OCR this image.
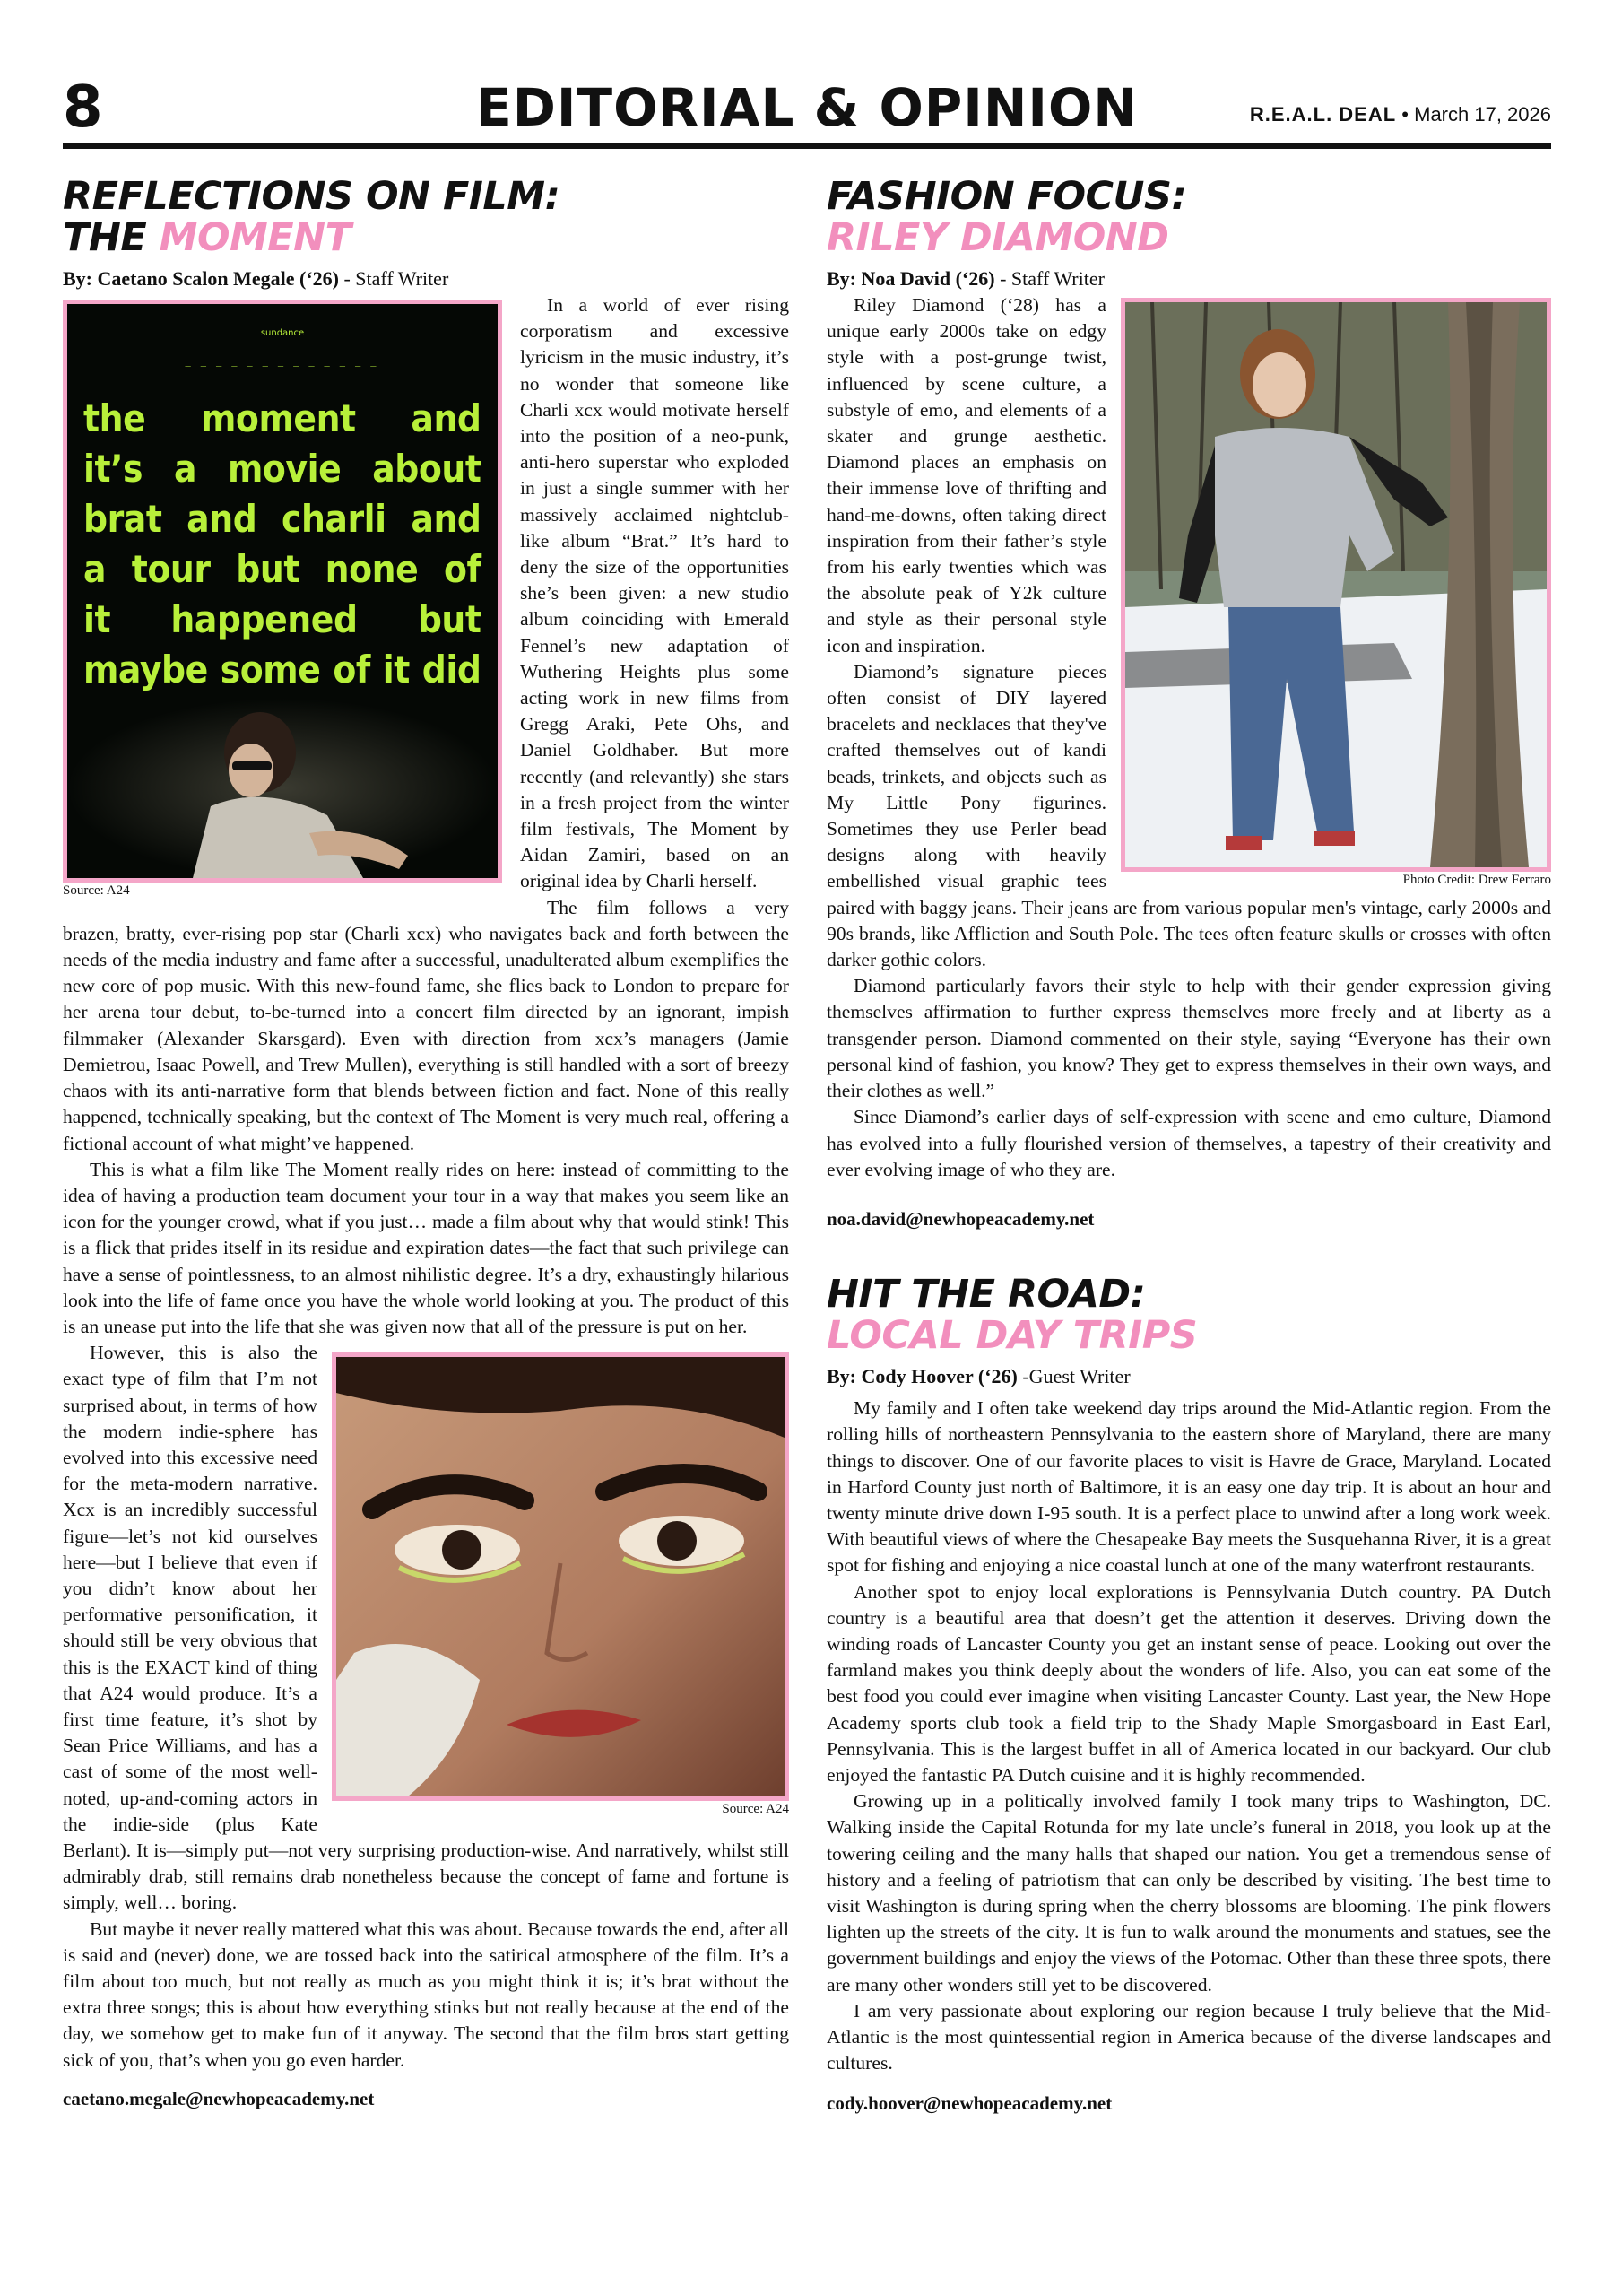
8	EDITORIAL & OPINION	R.E.A.L. DEAL • March 17, 2026
REFLECTIONS ON FILM:
THE MOMENT
By: Caetano Scalon Megale (‘26) - Staff Writer
sundance
— — — — — — — — — — — — —
the moment and
it’s a movie about
brat and charli and
a tour but none of
it happened but
maybe some of it did
Source: A24

In a world of ever rising corporatism and excessive lyricism in the music industry, it’s no wonder that someone like Charli xcx would motivate herself into the position of a neo-punk, anti-hero superstar who exploded in just a single summer with her massively acclaimed nightclub-like album “Brat.” It’s hard to deny the size of the opportunities she’s been given: a new studio album coinciding with Emerald Fennel’s new adaptation of Wuthering Heights plus some acting work in new films from Gregg Araki, Pete Ohs, and Daniel Goldhaber. But more recently (and relevantly) she stars in a fresh project from the winter film festivals, The Moment by Aidan Zamiri, based on an original idea by Charli herself.

The film follows a very brazen, bratty, ever-rising pop star (Charli xcx) who navigates back and forth between the needs of the media industry and fame after a successful, unadulterated album exemplifies the new core of pop music. With this new-found fame, she flies back to London to prepare for her arena tour debut, to-be-turned into a concert film directed by an ignorant, impish filmmaker (Alexander Skarsgard). Even with direction from xcx’s managers (Jamie Demietrou, Isaac Powell, and Trew Mullen), everything is still handled with a sort of breezy chaos with its anti-narrative form that blends between fiction and fact. None of this really happened, technically speaking, but the context of The Moment is very much real, offering a fictional account of what might’ve happened.

This is what a film like The Moment really rides on here: instead of committing to the idea of having a production team document your tour in a way that makes you seem like an icon for the younger crowd, what if you just… made a film about why that would stink! This is a flick that prides itself in its residue and expiration dates—the fact that such privilege can have a sense of pointlessness, to an almost nihilistic degree. It’s a dry, exhaustingly hilarious look into the life of fame once you have the whole world looking at you. The product of this is an unease put into the life that she was given now that all of the pressure is put on her.

Source: A24

However, this is also the exact type of film that I’m not surprised about, in terms of how the modern indie-sphere has evolved into this excessive need for the meta-modern narrative. Xcx is an incredibly successful figure—let’s not kid ourselves here—but I believe that even if you didn’t know about her performative personification, it should still be very obvious that this is the EXACT kind of thing that A24 would produce. It’s a first time feature, it’s shot by Sean Price Williams, and has a cast of some of the most well-noted, up-and-coming actors in the indie-side (plus Kate Berlant). It is—simply put—not very surprising production-wise. And narratively, whilst still admirably drab, still remains drab nonetheless because the concept of fame and fortune is simply, well… boring.

But maybe it never really mattered what this was about. Because towards the end, after all is said and (never) done, we are tossed back into the satirical atmosphere of the film. It’s a film about too much, but not really as much as you might think it is; it’s brat without the extra three songs; this is about how everything stinks but not really because at the end of the day, we somehow get to make fun of it anyway. The second that the film bros start getting sick of you, that’s when you go even harder.

caetano.megale@newhopeacademy.net
FASHION FOCUS:
RILEY DIAMOND
By: Noa David (‘26) - Staff Writer
Photo Credit: Drew Ferraro

Riley Diamond (‘28) has a unique early 2000s take on edgy style with a post-grunge twist, influenced by scene culture, a substyle of emo, and elements of a skater and grunge aesthetic. Diamond places an emphasis on their immense love of thrifting and hand-me-downs, often taking direct inspiration from their father’s style from his early twenties which was the absolute peak of Y2k culture and style as their personal style icon and inspiration.

Diamond’s signature pieces often consist of DIY layered bracelets and necklaces that they've crafted themselves out of kandi beads, trinkets, and objects such as My Little Pony figurines. Sometimes they use Perler bead designs along with heavily embellished visual graphic tees paired with baggy jeans. Their jeans are from various popular men's vintage, early 2000s and 90s brands, like Affliction and South Pole. The tees often feature skulls or crosses with often darker gothic colors.

Diamond particularly favors their style to help with their gender expression giving themselves affirmation to further express themselves more freely and at liberty as a transgender person. Diamond commented on their style, saying “Everyone has their own personal kind of fashion, you know? They get to express themselves in their own ways, and their clothes as well.”

Since Diamond’s earlier days of self-expression with scene and emo culture, Diamond has evolved into a fully flourished version of themselves, a tapestry of their creativity and ever evolving image of who they are.

noa.david@newhopeacademy.net
HIT THE ROAD:
LOCAL DAY TRIPS
By: Cody Hoover (‘26) -Guest Writer

My family and I often take weekend day trips around the Mid-Atlantic region. From the rolling hills of northeastern Pennsylvania to the eastern shore of Maryland, there are many things to discover. One of our favorite places to visit is Havre de Grace, Maryland. Located in Harford County just north of Baltimore, it is an easy one day trip. It is about an hour and twenty minute drive down I-95 south. It is a perfect place to unwind after a long work week. With beautiful views of where the Chesapeake Bay meets the Susquehanna River, it is a great spot for fishing and enjoying a nice coastal lunch at one of the many waterfront restaurants.

Another spot to enjoy local explorations is Pennsylvania Dutch country. PA Dutch country is a beautiful area that doesn’t get the attention it deserves. Driving down the winding roads of Lancaster County you get an instant sense of peace. Looking out over the farmland makes you think deeply about the wonders of life. Also, you can eat some of the best food you could ever imagine when visiting Lancaster County. Last year, the New Hope Academy sports club took a field trip to the Shady Maple Smorgasboard in East Earl, Pennsylvania. This is the largest buffet in all of America located in our backyard. Our club enjoyed the fantastic PA Dutch cuisine and it is highly recommended.

Growing up in a politically involved family I took many trips to Washington, DC. Walking inside the Capital Rotunda for my late uncle’s funeral in 2018, you look up at the towering ceiling and the many halls that shaped our nation. You get a tremendous sense of history and a feeling of patriotism that can only be described by visiting. The best time to visit Washington is during spring when the cherry blossoms are blooming. The pink flowers lighten up the streets of the city. It is fun to walk around the monuments and statues, see the government buildings and enjoy the views of the Potomac. Other than these three spots, there are many other wonders still yet to be discovered.

I am very passionate about exploring our region because I truly believe that the Mid-Atlantic is the most quintessential region in America because of the diverse landscapes and cultures.

cody.hoover@newhopeacademy.net
